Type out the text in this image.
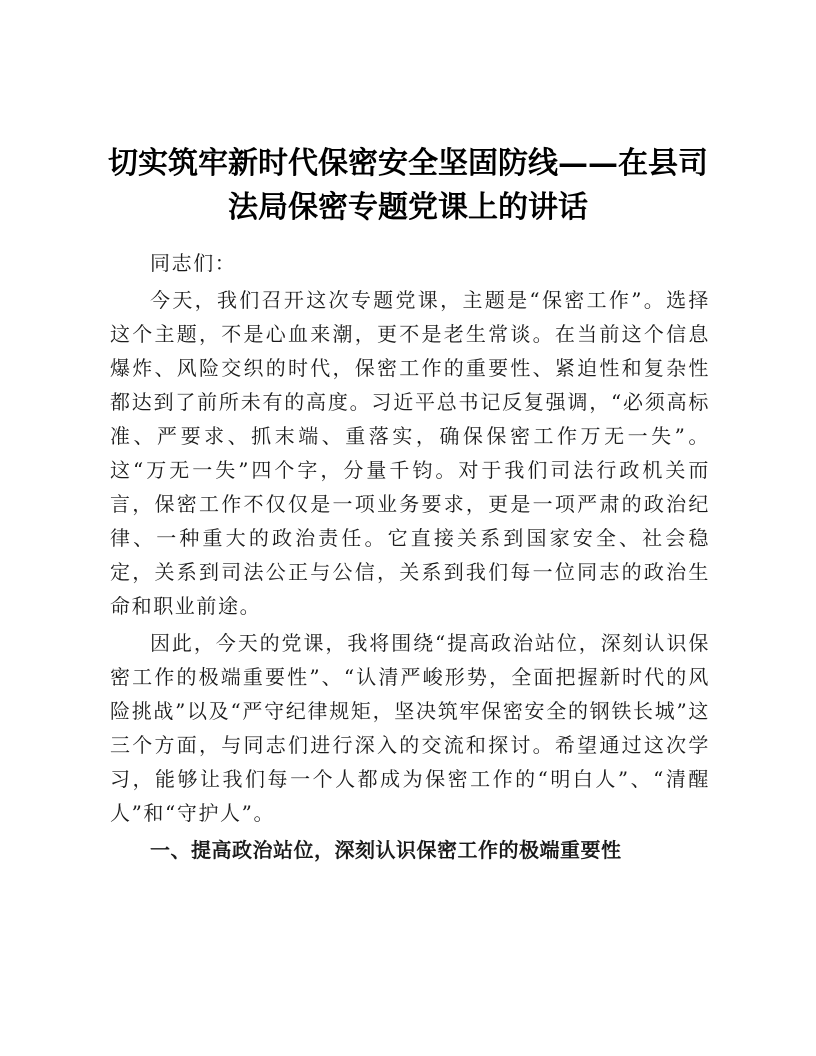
切实筑牢新时代保密安全坚固防线——在县司
法局保密专题党课上的讲话

同志们：

今天，我们召开这次专题党课，主题是“保密工作”。选择这个主题，不是心血来潮，更不是老生常谈。在当前这个信息爆炸、风险交织的时代，保密工作的重要性、紧迫性和复杂性都达到了前所未有的高度。习近平总书记反复强调，“必须高标准、严要求、抓末端、重落实，确保保密工作万无一失”。这“万无一失”四个字，分量千钧。对于我们司法行政机关而言，保密工作不仅仅是一项业务要求，更是一项严肃的政治纪律、一种重大的政治责任。它直接关系到国家安全、社会稳定，关系到司法公正与公信，关系到我们每一位同志的政治生命和职业前途。

因此，今天的党课，我将围绕“提高政治站位，深刻认识保密工作的极端重要性”、“认清严峻形势，全面把握新时代的风险挑战”以及“严守纪律规矩，坚决筑牢保密安全的钢铁长城”这三个方面，与同志们进行深入的交流和探讨。希望通过这次学习，能够让我们每一个人都成为保密工作的“明白人”、“清醒人”和“守护人”。

一、提高政治站位，深刻认识保密工作的极端重要性
